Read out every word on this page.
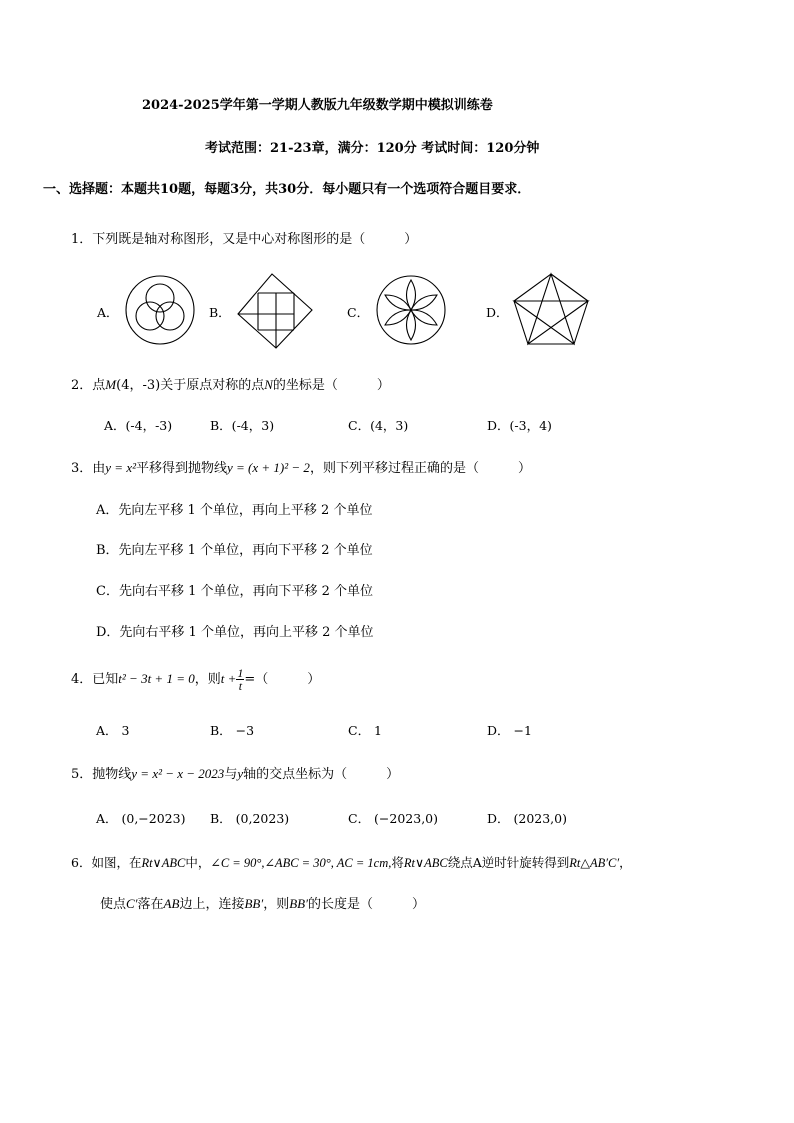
2024-2025学年第一学期人教版九年级数学期中模拟训练卷
考试范围：21-23章，满分：120分 考试时间：120分钟
一、选择题：本题共10题，每题3分，共30分．每小题只有一个选项符合题目要求．
1．下列既是轴对称图形，又是中心对称图形的是（　　　）
A．	B．	C．	D．
2．点M(4，-3)关于原点对称的点N的坐标是（　　　）
A．(-4，-3)	B．(-4，3)	C．(4，3)	D．(-3，4)
3．由y = x²平移得到抛物线y = (x + 1)² − 2，则下列平移过程正确的是（　　　）
A．先向左平移 1 个单位，再向上平移 2 个单位
B．先向左平移 1 个单位，再向下平移 2 个单位
C．先向右平移 1 个单位，再向下平移 2 个单位
D．先向右平移 1 个单位，再向上平移 2 个单位
4．已知t² − 3t + 1 = 0，则$t + \frac{1}{t}$ =（　　　）
A． 3	B． −3	C． 1	D． −1
5．抛物线y = x² − x − 2023与y轴的交点坐标为（　　　）
A． (0,−2023) B． (0,2023)	C． (−2023,0)	D． (2023,0)
6．如图，在Rt∨ABC中，∠C = 90°,∠ABC = 30°, AC = 1cm,将Rt∨ABC绕点A逆时针旋转得到Rt△AB′C′，
使点C′落在AB边上，连接BB′，则BB′的长度是（　　　）
